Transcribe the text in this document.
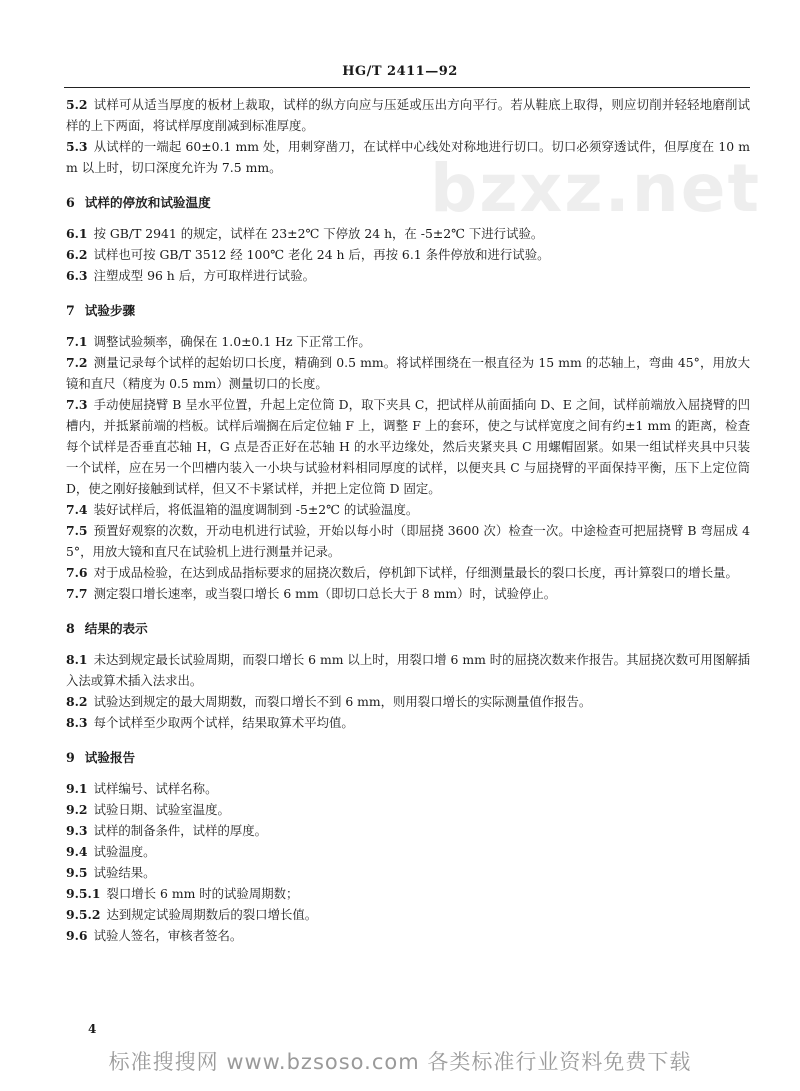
bzxz.net
HG/T 2411—92
5.2 试样可从适当厚度的板材上裁取，试样的纵方向应与压延或压出方向平行。若从鞋底上取得，则应切削并轻轻地磨削试样的上下两面，将试样厚度削减到标准厚度。
5.3 从试样的一端起 60±0.1 mm 处，用刺穿凿刀，在试样中心线处对称地进行切口。切口必须穿透试件，但厚度在 10 mm 以上时，切口深度允许为 7.5 mm。
6 试样的停放和试验温度
6.1 按 GB/T 2941 的规定，试样在 23±2℃ 下停放 24 h，在 -5±2℃ 下进行试验。
6.2 试样也可按 GB/T 3512 经 100℃ 老化 24 h 后，再按 6.1 条件停放和进行试验。
6.3 注塑成型 96 h 后，方可取样进行试验。
7 试验步骤
7.1 调整试验频率，确保在 1.0±0.1 Hz 下正常工作。
7.2 测量记录每个试样的起始切口长度，精确到 0.5 mm。将试样围绕在一根直径为 15 mm 的芯轴上，弯曲 45°，用放大镜和直尺（精度为 0.5 mm）测量切口的长度。
7.3 手动使屈挠臂 B 呈水平位置，升起上定位筒 D，取下夹具 C，把试样从前面插向 D、E 之间，试样前端放入屈挠臂的凹槽内，并抵紧前端的档板。试样后端搁在后定位轴 F 上，调整 F 上的套环，使之与试样宽度之间有约±1 mm 的距离，检查每个试样是否垂直芯轴 H，G 点是否正好在芯轴 H 的水平边缘处，然后夹紧夹具 C 用螺帽固紧。如果一组试样夹具中只装一个试样，应在另一个凹槽内装入一小块与试验材料相同厚度的试样，以便夹具 C 与屈挠臂的平面保持平衡，压下上定位筒 D，使之刚好接触到试样，但又不卡紧试样，并把上定位筒 D 固定。
7.4 装好试样后，将低温箱的温度调制到 -5±2℃ 的试验温度。
7.5 预置好观察的次数，开动电机进行试验，开始以每小时（即屈挠 3600 次）检查一次。中途检查可把屈挠臂 B 弯屈成 45°，用放大镜和直尺在试验机上进行测量并记录。
7.6 对于成品检验，在达到成品指标要求的屈挠次数后，停机卸下试样，仔细测量最长的裂口长度，再计算裂口的增长量。
7.7 测定裂口增长速率，或当裂口增长 6 mm（即切口总长大于 8 mm）时，试验停止。
8 结果的表示
8.1 未达到规定最长试验周期，而裂口增长 6 mm 以上时，用裂口增 6 mm 时的屈挠次数来作报告。其屈挠次数可用图解插入法或算术插入法求出。
8.2 试验达到规定的最大周期数，而裂口增长不到 6 mm，则用裂口增长的实际测量值作报告。
8.3 每个试样至少取两个试样，结果取算术平均值。
9 试验报告
9.1 试样编号、试样名称。
9.2 试验日期、试验室温度。
9.3 试样的制备条件，试样的厚度。
9.4 试验温度。
9.5 试验结果。
9.5.1 裂口增长 6 mm 时的试验周期数；
9.5.2 达到规定试验周期数后的裂口增长值。
9.6 试验人签名，审核者签名。
4
标准搜搜网 www.bzsoso.com 各类标准行业资料免费下载
